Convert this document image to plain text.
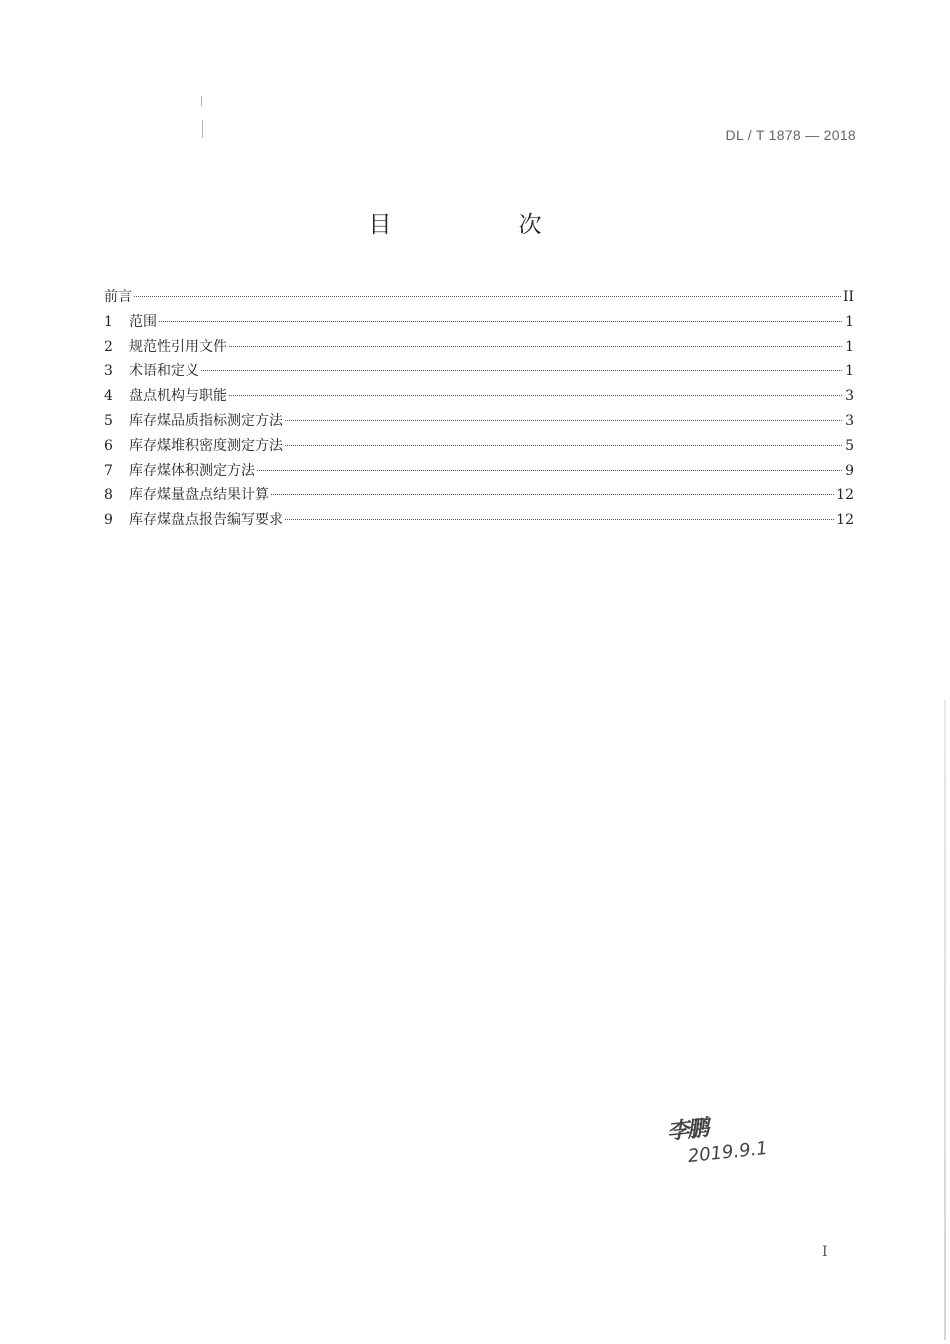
DL / T 1878 — 2018
目　次
前言	II
1	范围	1
2	规范性引用文件	1
3	术语和定义	1
4	盘点机构与职能	3
5	库存煤品质指标测定方法	3
6	库存煤堆积密度测定方法	5
7	库存煤体积测定方法	9
8	库存煤量盘点结果计算	12
9	库存煤盘点报告编写要求	12
李鹏
2019.9.1
I
